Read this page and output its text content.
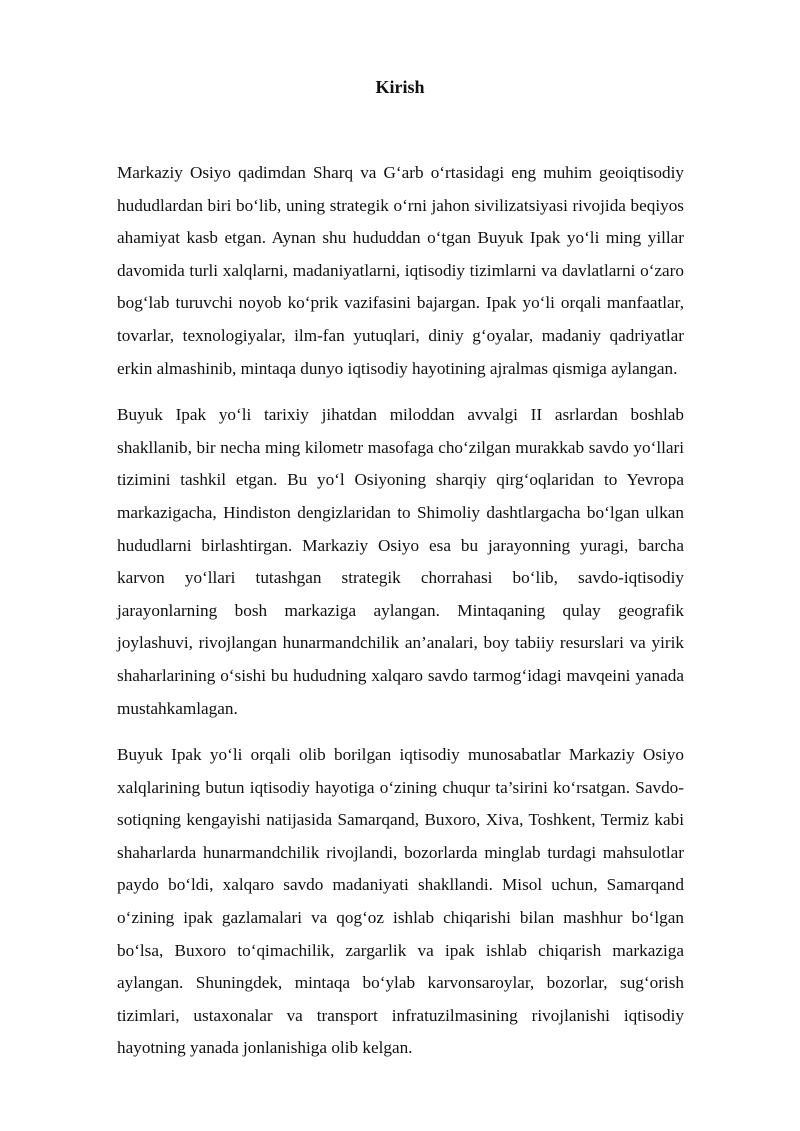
Kirish

Markaziy Osiyo qadimdan Sharq va G‘arb o‘rtasidagi eng muhim geoiqtisodiy hududlardan biri bo‘lib, uning strategik o‘rni jahon sivilizatsiyasi rivojida beqiyos ahamiyat kasb etgan. Aynan shu hududdan o‘tgan Buyuk Ipak yo‘li ming yillar davomida turli xalqlarni, madaniyatlarni, iqtisodiy tizimlarni va davlatlarni o‘zaro bog‘lab turuvchi noyob ko‘prik vazifasini bajargan. Ipak yo‘li orqali manfaatlar, tovarlar, texnologiyalar, ilm-fan yutuqlari, diniy g‘oyalar, madaniy qadriyatlar erkin almashinib, mintaqa dunyo iqtisodiy hayotining ajralmas qismiga aylangan.

Buyuk Ipak yo‘li tarixiy jihatdan miloddan avvalgi II asrlardan boshlab shakllanib, bir necha ming kilometr masofaga cho‘zilgan murakkab savdo yo‘llari tizimini tashkil etgan. Bu yo‘l Osiyoning sharqiy qirg‘oqlaridan to Yevropa markazigacha, Hindiston dengizlaridan to Shimoliy dashtlargacha bo‘lgan ulkan hududlarni birlashtirgan. Markaziy Osiyo esa bu jarayonning yuragi, barcha karvon yo‘llari tutashgan strategik chorrahasi bo‘lib, savdo-iqtisodiy jarayonlarning bosh markaziga aylangan. Mintaqaning qulay geografik joylashuvi, rivojlangan hunarmandchilik an’analari, boy tabiiy resurslari va yirik shaharlarining o‘sishi bu hududning xalqaro savdo tarmog‘idagi mavqeini yanada mustahkamlagan.

Buyuk Ipak yo‘li orqali olib borilgan iqtisodiy munosabatlar Markaziy Osiyo xalqlarining butun iqtisodiy hayotiga o‘zining chuqur ta’sirini ko‘rsatgan. Savdo-sotiqning kengayishi natijasida Samarqand, Buxoro, Xiva, Toshkent, Termiz kabi shaharlarda hunarmandchilik rivojlandi, bozorlarda minglab turdagi mahsulotlar paydo bo‘ldi, xalqaro savdo madaniyati shakllandi. Misol uchun, Samarqand o‘zining ipak gazlamalari va qog‘oz ishlab chiqarishi bilan mashhur bo‘lgan bo‘lsa, Buxoro to‘qimachilik, zargarlik va ipak ishlab chiqarish markaziga aylangan. Shuningdek, mintaqa bo‘ylab karvonsaroylar, bozorlar, sug‘orish tizimlari, ustaxonalar va transport infratuzilmasining rivojlanishi iqtisodiy hayotning yanada jonlanishiga olib kelgan.
